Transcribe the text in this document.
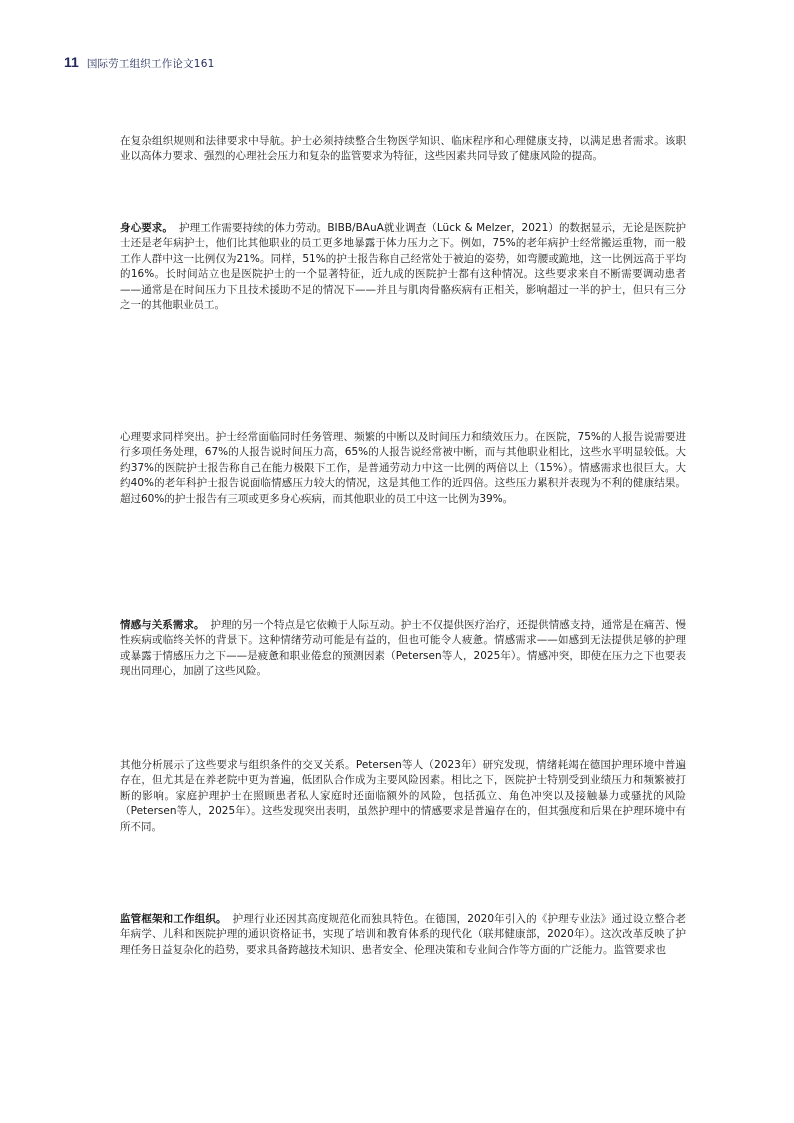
11 国际劳工组织工作论文161

在复杂组织规则和法律要求中导航。护士必须持续整合生物医学知识、临床程序和心理健康支持，以满足患者需求。该职业以高体力要求、强烈的心理社会压力和复杂的监管要求为特征，这些因素共同导致了健康风险的提高。

身心要求。 护理工作需要持续的体力劳动。BIBB/BAuA就业调查（Lück & Melzer，2021）的数据显示，无论是医院护士还是老年病护士，他们比其他职业的员工更多地暴露于体力压力之下。例如，75%的老年病护士经常搬运重物，而一般工作人群中这一比例仅为21%。同样，51%的护士报告称自己经常处于被迫的姿势，如弯腰或跪地，这一比例远高于平均的16%。长时间站立也是医院护士的一个显著特征，近九成的医院护士都有这种情况。这些要求来自不断需要调动患者——通常是在时间压力下且技术援助不足的情况下——并且与肌肉骨骼疾病有正相关，影响超过一半的护士，但只有三分之一的其他职业员工。

心理要求同样突出。护士经常面临同时任务管理、频繁的中断以及时间压力和绩效压力。在医院，75%的人报告说需要进行多项任务处理，67%的人报告说时间压力高，65%的人报告说经常被中断，而与其他职业相比，这些水平明显较低。大约37%的医院护士报告称自己在能力极限下工作，是普通劳动力中这一比例的两倍以上（15%）。情感需求也很巨大。大约40%的老年科护士报告说面临情感压力较大的情况，这是其他工作的近四倍。这些压力累积并表现为不利的健康结果。超过60%的护士报告有三项或更多身心疾病，而其他职业的员工中这一比例为39%。

情感与关系需求。 护理的另一个特点是它依赖于人际互动。护士不仅提供医疗治疗，还提供情感支持，通常是在痛苦、慢性疾病或临终关怀的背景下。这种情绪劳动可能是有益的，但也可能令人疲惫。情感需求——如感到无法提供足够的护理或暴露于情感压力之下——是疲惫和职业倦怠的预测因素（Petersen等人，2025年）。情感冲突，即使在压力之下也要表现出同理心，加剧了这些风险。

其他分析展示了这些要求与组织条件的交叉关系。Petersen等人（2023年）研究发现，情绪耗竭在德国护理环境中普遍存在，但尤其是在养老院中更为普遍，低团队合作成为主要风险因素。相比之下，医院护士特别受到业绩压力和频繁被打断的影响。家庭护理护士在照顾患者私人家庭时还面临额外的风险，包括孤立、角色冲突以及接触暴力或骚扰的风险（Petersen等人，2025年）。这些发现突出表明，虽然护理中的情感要求是普遍存在的，但其强度和后果在护理环境中有所不同。

监管框架和工作组织。 护理行业还因其高度规范化而独具特色。在德国，2020年引入的《护理专业法》通过设立整合老年病学、儿科和医院护理的通识资格证书，实现了培训和教育体系的现代化（联邦健康部，2020年）。这次改革反映了护理任务日益复杂化的趋势，要求具备跨越技术知识、患者安全、伦理决策和专业间合作等方面的广泛能力。监管要求也
